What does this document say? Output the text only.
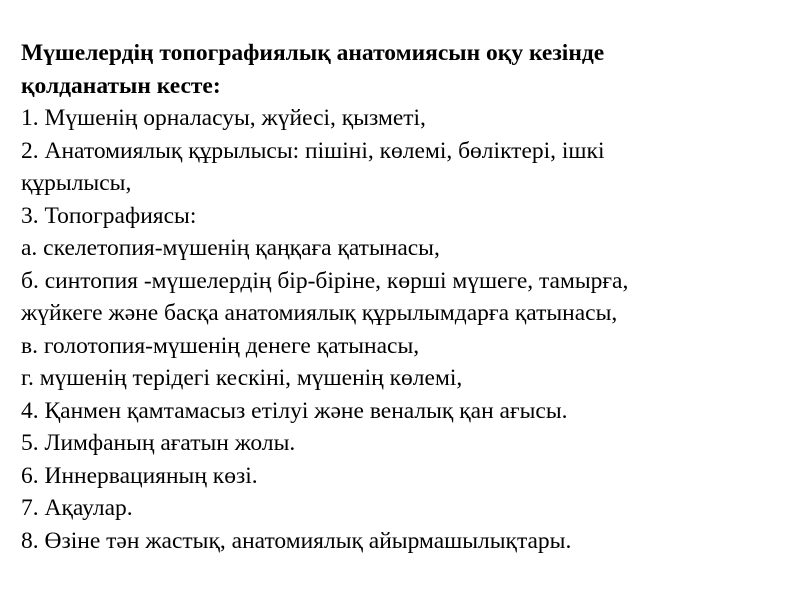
Мүшелердің топографиялық анатомиясын оқу кезінде
қолданатын кесте:
1. Мүшенің орналасуы, жүйесі, қызметі,
2. Анатомиялық құрылысы: пішіні, көлемі, бөліктері, ішкі
құрылысы,
3. Топографиясы:
а. скелетопия-мүшенің қаңқаға қатынасы,
б. синтопия -мүшелердің бір-біріне, көрші мүшеге, тамырға,
жүйкеге және басқа анатомиялық құрылымдарға қатынасы,
в. голотопия-мүшенің денеге қатынасы,
г. мүшенің терідегі кескіні, мүшенің көлемі,
4. Қанмен қамтамасыз етілуі және веналық қан ағысы.
5. Лимфаның ағатын жолы.
6. Иннервацияның көзі.
7. Ақаулар.
8. Өзіне тән жастық, анатомиялық айырмашылықтары.
